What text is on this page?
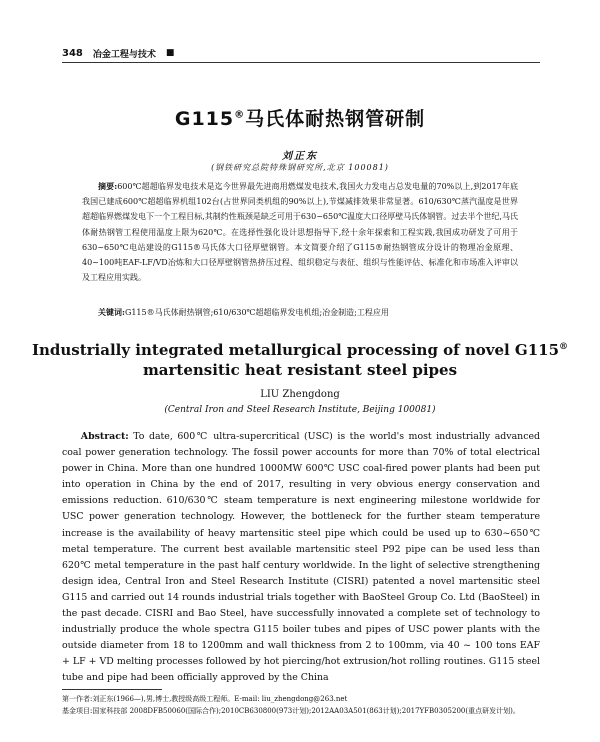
348 冶金工程与技术 ■
G115®马氏体耐热钢管研制
刘正东
(钢铁研究总院特殊钢研究所,北京 100081)
摘要:600℃超超临界发电技术是迄今世界最先进商用燃煤发电技术,我国火力发电占总发电量的70%以上,到2017年底我国已建成600℃超超临界机组102台(占世界同类机组的90%以上),节煤减排效果非常显著。610/630℃蒸汽温度是世界超超临界燃煤发电下一个工程目标,其制约性瓶颈是缺乏可用于630~650℃温度大口径厚壁马氏体钢管。过去半个世纪,马氏体耐热钢管工程使用温度上限为620℃。在选择性强化设计思想指导下,经十余年探索和工程实践,我国成功研发了可用于630~650℃电站建设的G115®马氏体大口径厚壁钢管。本文简要介绍了G115®耐热钢管成分设计的物理冶金原理、40~100吨EAF-LF/VD冶炼和大口径厚壁钢管热挤压过程、组织稳定与表征、组织与性能评估、标准化和市场准入评审以及工程应用实践。
关键词:G115®马氏体耐热钢管;610/630℃超超临界发电机组;冶金制造;工程应用
Industrially integrated metallurgical processing of novel G115®
martensitic heat resistant steel pipes
LIU Zhengdong
(Central Iron and Steel Research Institute, Beijing 100081)
Abstract: To date, 600℃ ultra-supercritical (USC) is the world's most industrially advanced coal power generation technology. The fossil power accounts for more than 70% of total electrical power in China. More than one hundred 1000MW 600℃ USC coal-fired power plants had been put into operation in China by the end of 2017, resulting in very obvious energy conservation and emissions reduction. 610/630℃ steam temperature is next engineering milestone worldwide for USC power generation technology. However, the bottleneck for the further steam temperature increase is the availability of heavy martensitic steel pipe which could be used up to 630~650℃ metal temperature. The current best available martensitic steel P92 pipe can be used less than 620℃ metal temperature in the past half century worldwide. In the light of selective strengthening design idea, Central Iron and Steel Research Institute (CISRI) patented a novel martensitic steel G115 and carried out 14 rounds industrial trials together with BaoSteel Group Co. Ltd (BaoSteel) in the past decade. CISRI and Bao Steel, have successfully innovated a complete set of technology to industrially produce the whole spectra G115 boiler tubes and pipes of USC power plants with the outside diameter from 18 to 1200mm and wall thickness from 2 to 100mm, via 40 ~ 100 tons EAF + LF + VD melting processes followed by hot piercing/hot extrusion/hot rolling routines. G115 steel tube and pipe had been officially approved by the China

第一作者:刘正东(1966—),男,博士,教授级高级工程师。E-mail: liu_zhengdong@263.net

基金项目:国家科技部 2008DFB50060(国际合作);2010CB630800(973计划);2012AA03A501(863计划);2017YFB0305200(重点研发计划)。
